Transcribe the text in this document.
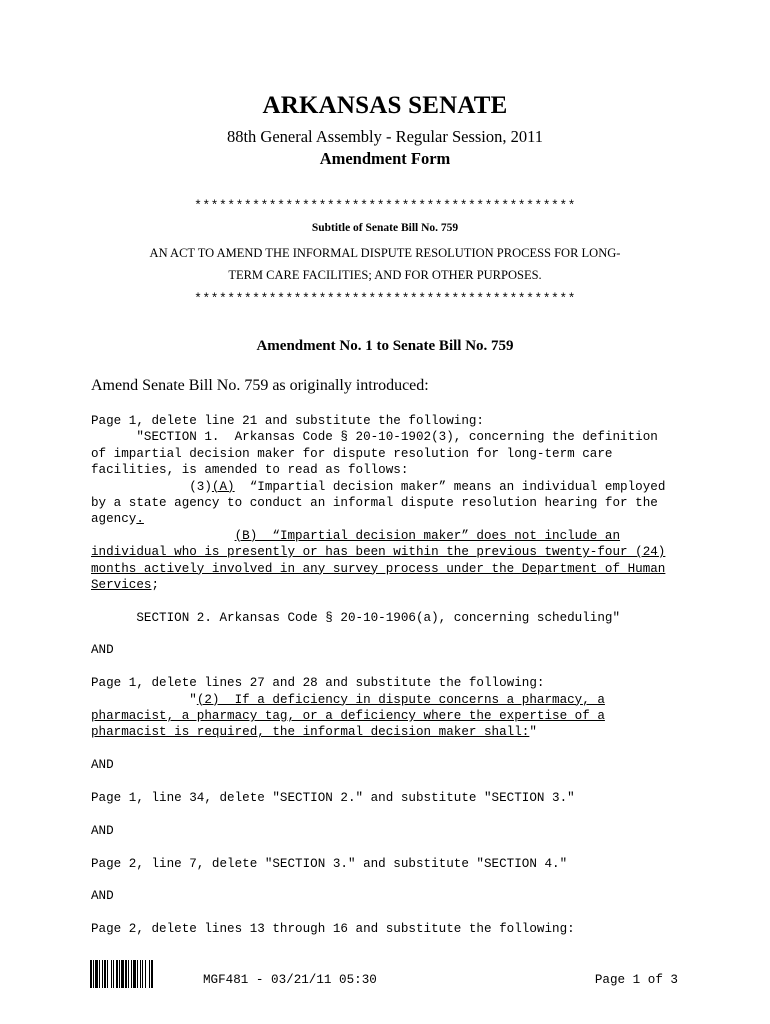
ARKANSAS SENATE
88th General Assembly - Regular Session, 2011
Amendment Form
**********************************************
Subtitle of Senate Bill No. 759
AN ACT TO AMEND THE INFORMAL DISPUTE RESOLUTION PROCESS FOR LONG-
TERM CARE FACILITIES; AND FOR OTHER PURPOSES.
**********************************************
Amendment No. 1 to Senate Bill No. 759
Amend Senate Bill No. 759 as originally introduced:
Page 1, delete line 21 and substitute the following:
"SECTION 1.  Arkansas Code § 20-10-1902(3), concerning the definition
of impartial decision maker for dispute resolution for long-term care
facilities, is amended to read as follows:
(3)(A)  “Impartial decision maker” means an individual employed
by a state agency to conduct an informal dispute resolution hearing for the
agency.
(B)  “Impartial decision maker” does not include an
individual who is presently or has been within the previous twenty-four (24)
months actively involved in any survey process under the Department of Human
Services;
SECTION 2. Arkansas Code § 20-10-1906(a), concerning scheduling"
AND
Page 1, delete lines 27 and 28 and substitute the following:
"(2)  If a deficiency in dispute concerns a pharmacy, a
pharmacist, a pharmacy tag, or a deficiency where the expertise of a
pharmacist is required, the informal decision maker shall:"
AND
Page 1, line 34, delete "SECTION 2." and substitute "SECTION 3."
AND
Page 2, line 7, delete "SECTION 3." and substitute "SECTION 4."
AND
Page 2, delete lines 13 through 16 and substitute the following:
MGF481 - 03/21/11 05:30	Page 1 of 3
